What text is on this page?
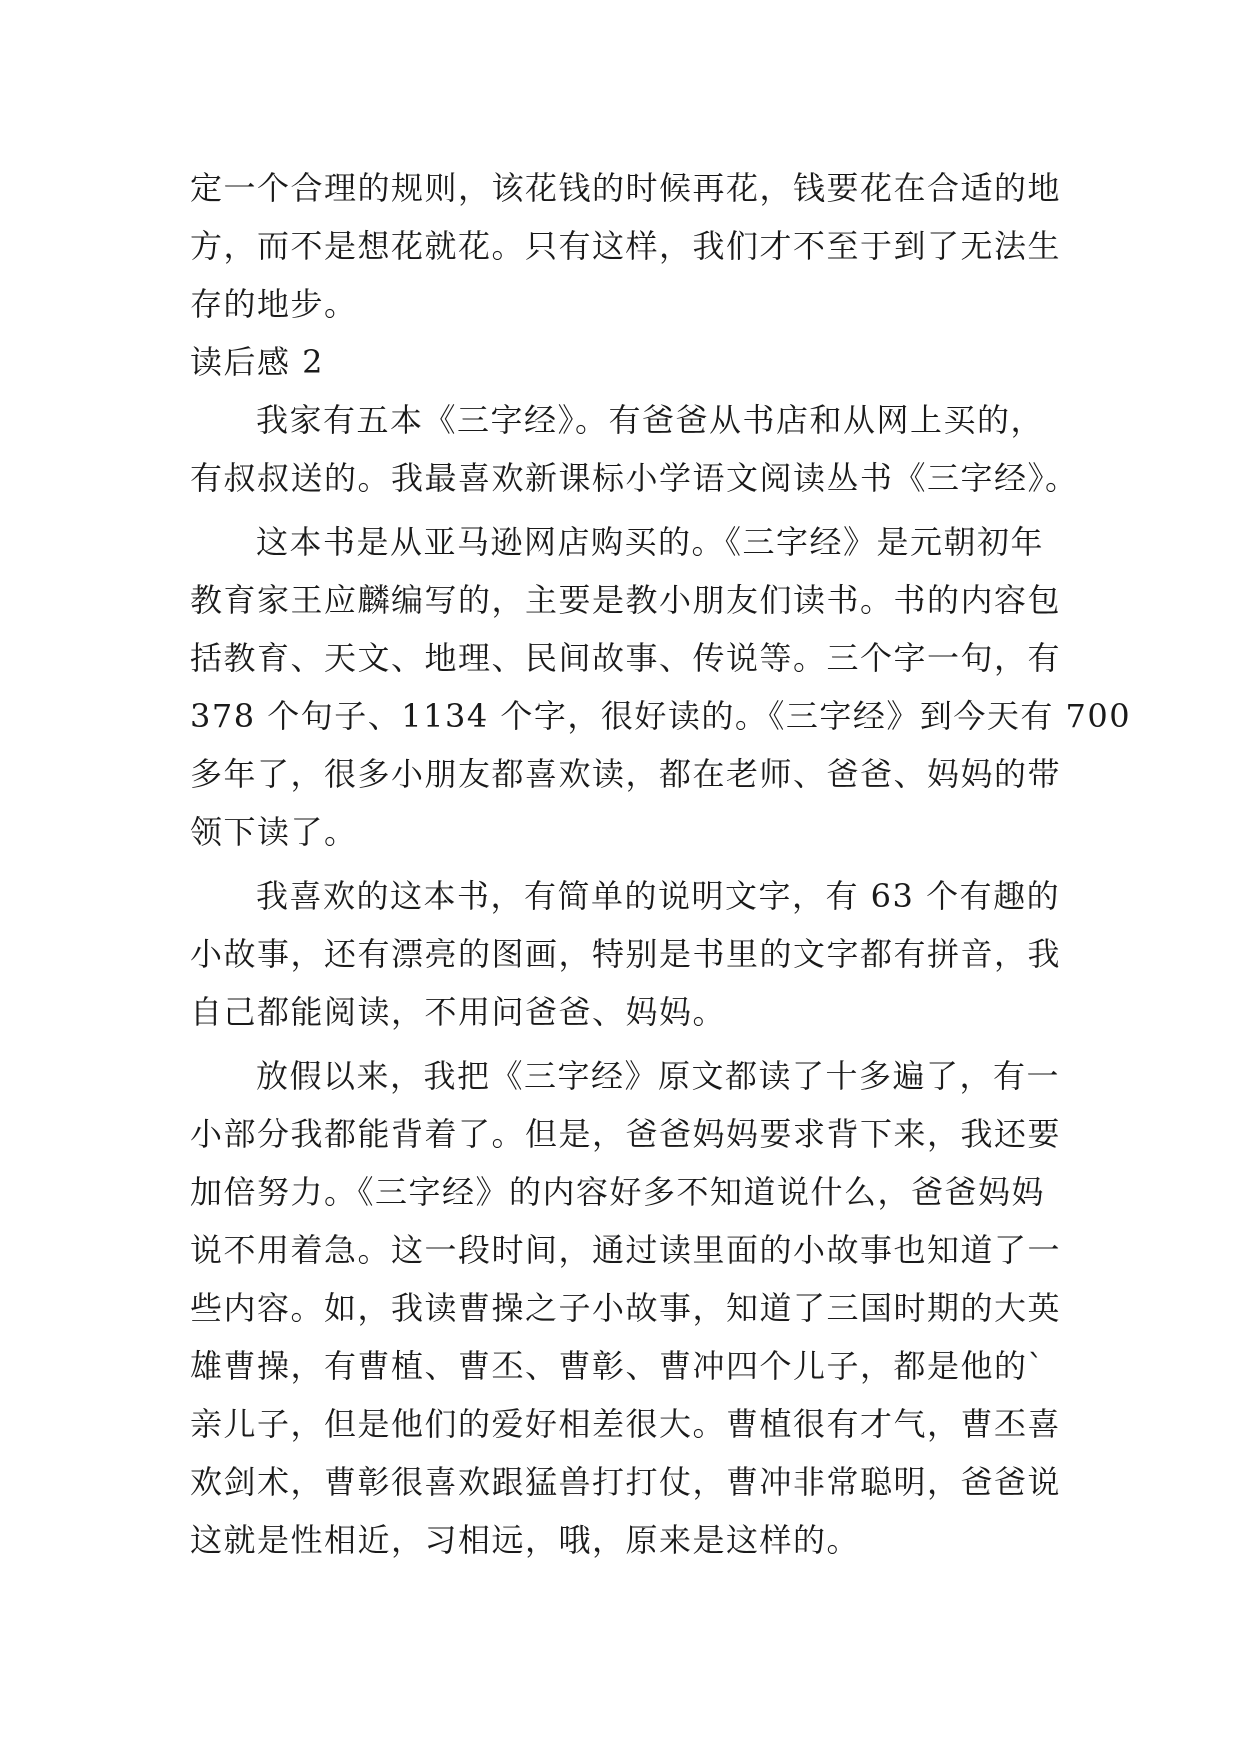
定一个合理的规则，该花钱的时候再花，钱要花在合适的地
方，而不是想花就花。只有这样，我们才不至于到了无法生
存的地步。
读后感 2
我家有五本《三字经》。有爸爸从书店和从网上买的，
有叔叔送的。我最喜欢新课标小学语文阅读丛书《三字经》。
这本书是从亚马逊网店购买的。《三字经》是元朝初年
教育家王应麟编写的，主要是教小朋友们读书。书的内容包
括教育、天文、地理、民间故事、传说等。三个字一句，有
378 个句子、1134 个字，很好读的。《三字经》到今天有 700
多年了，很多小朋友都喜欢读，都在老师、爸爸、妈妈的带
领下读了。
我喜欢的这本书，有简单的说明文字，有 63 个有趣的
小故事，还有漂亮的图画，特别是书里的文字都有拼音，我
自己都能阅读，不用问爸爸、妈妈。
放假以来，我把《三字经》原文都读了十多遍了，有一
小部分我都能背着了。但是，爸爸妈妈要求背下来，我还要
加倍努力。《三字经》的内容好多不知道说什么，爸爸妈妈
说不用着急。这一段时间，通过读里面的小故事也知道了一
些内容。如，我读曹操之子小故事，知道了三国时期的大英
雄曹操，有曹植、曹丕、曹彰、曹冲四个儿子，都是他的`
亲儿子，但是他们的爱好相差很大。曹植很有才气，曹丕喜
欢剑术，曹彰很喜欢跟猛兽打打仗，曹冲非常聪明，爸爸说
这就是性相近，习相远，哦，原来是这样的。
